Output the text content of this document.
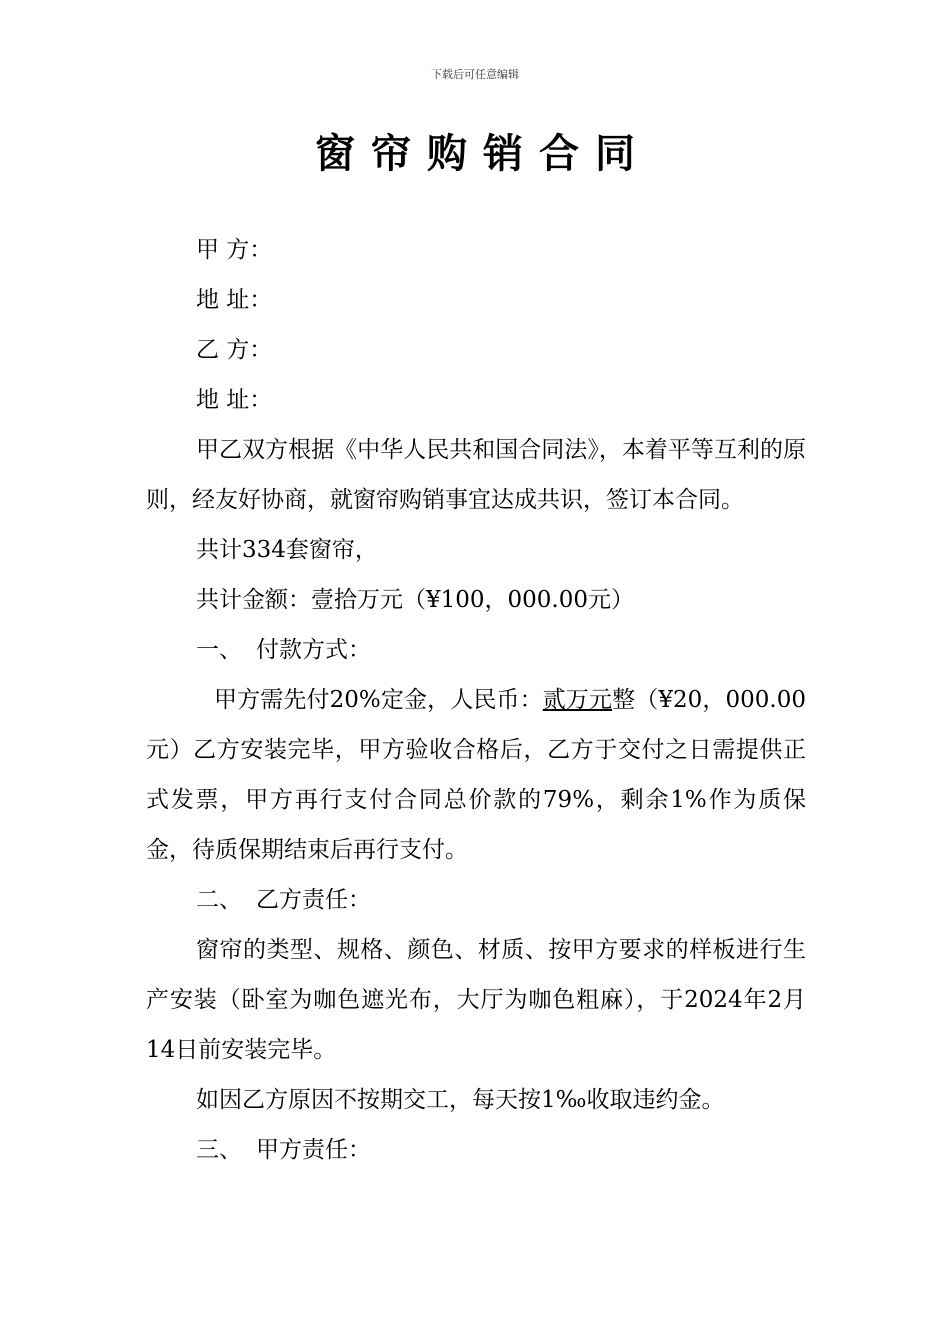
下载后可任意编辑
窗帘购销合同
甲 方：
地 址：
乙 方：
地 址：
甲乙双方根据《中华人民共和国合同法》，本着平等互利的原则，经友好协商，就窗帘购销事宜达成共识，签订本合同。
共计334套窗帘，
共计金额：壹拾万元（¥100，000.00元）
一、 付款方式：
甲方需先付20%定金，人民币：贰万元整（¥20，000.00元）乙方安装完毕，甲方验收合格后，乙方于交付之日需提供正式发票，甲方再行支付合同总价款的79%，剩余1%作为质保金，待质保期结束后再行支付。
二、 乙方责任：
窗帘的类型、规格、颜色、材质、按甲方要求的样板进行生产安装（卧室为咖色遮光布，大厅为咖色粗麻），于2024年2月14日前安装完毕。
如因乙方原因不按期交工，每天按1‰收取违约金。
三、 甲方责任：
